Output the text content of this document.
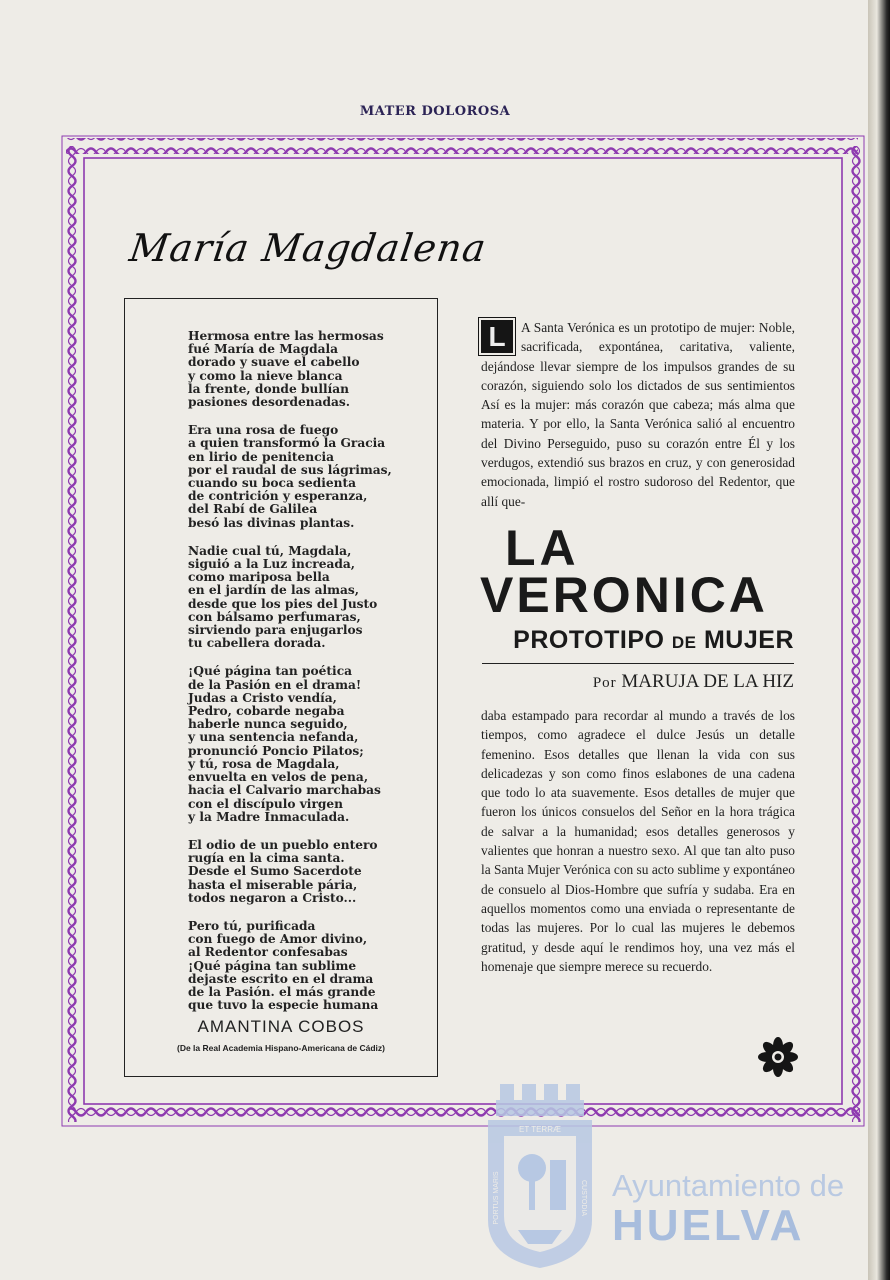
MATER DOLOROSA
María Magdalena
Hermosa entre las hermosas
fué María de Magdala
dorado y suave el cabello
y como la nieve blanca
la frente, donde bullían
pasiones desordenadas.
Era una rosa de fuego
a quien transformó la Gracia
en lirio de penitencia
por el raudal de sus lágrimas,
cuando su boca sedienta
de contrición y esperanza,
del Rabí de Galilea
besó las divinas plantas.
Nadie cual tú, Magdala,
siguió a la Luz increada,
como mariposa bella
en el jardín de las almas,
desde que los pies del Justo
con bálsamo perfumaras,
sirviendo para enjugarlos
tu cabellera dorada.
¡Qué página tan poética
de la Pasión en el drama!
Judas a Cristo vendía,
Pedro, cobarde negaba
haberle nunca seguido,
y una sentencia nefanda,
pronunció Poncio Pilatos;
y tú, rosa de Magdala,
envuelta en velos de pena,
hacia el Calvario marchabas
con el discípulo virgen
y la Madre Inmaculada.
El odio de un pueblo entero
rugía en la cima santa.
Desde el Sumo Sacerdote
hasta el miserable pária,
todos negaron a Cristo...
Pero tú, purificada
con fuego de Amor divino,
al Redentor confesabas
¡Qué página tan sublime
dejaste escrito en el drama
de la Pasión. el más grande
que tuvo la especie humana
AMANTINA COBOS
(De la Real Academia Hispano-Americana de Cádiz)
L	A Santa Verónica es un prototipo de mujer: Noble, sacrificada, expontánea, caritativa, valiente, dejándose llevar siempre de los impulsos grandes de su corazón, siguiendo solo los dictados de sus sentimientos Así es la mujer: más corazón que cabeza; más alma que materia. Y por ello, la Santa Verónica salió al encuentro del Divino Perseguido, puso su corazón entre Él y los verdugos, extendió sus brazos en cruz, y con generosidad emocionada, limpió el rostro sudoroso del Redentor, que allí que-
LA
VERONICA
PROTOTIPO DE MUJER
Por MARUJA DE LA HIZ
daba estampado para recordar al mundo a través de los tiempos, como agradece el dulce Jesús un detalle femenino. Esos detalles que llenan la vida con sus delicadezas y son como finos eslabones de una cadena que todo lo ata suavemente. Esos detalles de mujer que fueron los únicos consuelos del Señor en la hora trágica de salvar a la humanidad; esos detalles generosos y valientes que honran a nuestro sexo. Al que tan alto puso la Santa Mujer Verónica con su acto sublime y expontáneo de consuelo al Dios-Hombre que sufría y sudaba. Era en aquellos momentos como una enviada o representante de todas las mujeres. Por lo cual las mujeres le debemos gratitud, y desde aquí le rendimos hoy, una vez más el homenaje que siempre merece su recuerdo.
ET TERRÆ
PORTUS MARIS	CUSTODIA Ayuntamiento de
HUELVA
